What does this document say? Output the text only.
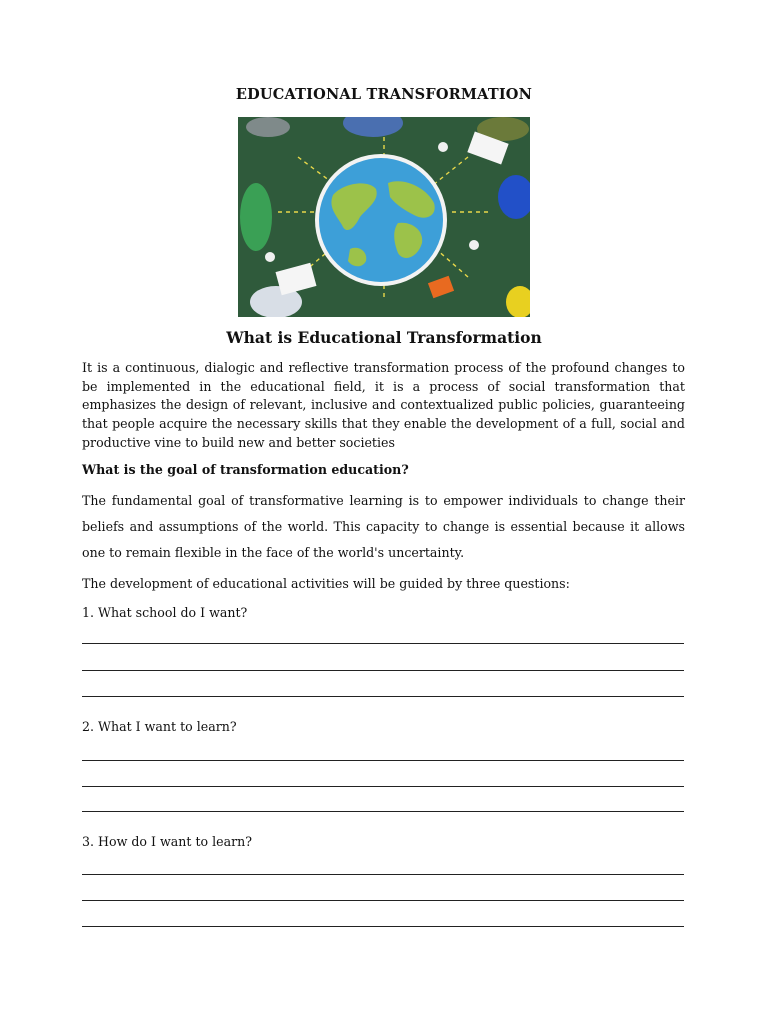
EDUCATIONAL TRANSFORMATION
What is Educational Transformation

It is a continuous, dialogic and reflective transformation process of the profound changes to be implemented in the educational field, it is a process of social transformation that emphasizes the design of relevant, inclusive and contextualized public policies, guaranteeing that people acquire the necessary skills that they enable the development of a full, social and productive vine to build new and better societies

What is the goal of transformation education?

The fundamental goal of transformative learning is to empower individuals to change their beliefs and assumptions of the world. This capacity to change is essential because it allows one to remain flexible in the face of the world's uncertainty.

The development of educational activities will be guided by three questions:

1. What school do I want?

2. What I want to learn?

3. How do I want to learn?
